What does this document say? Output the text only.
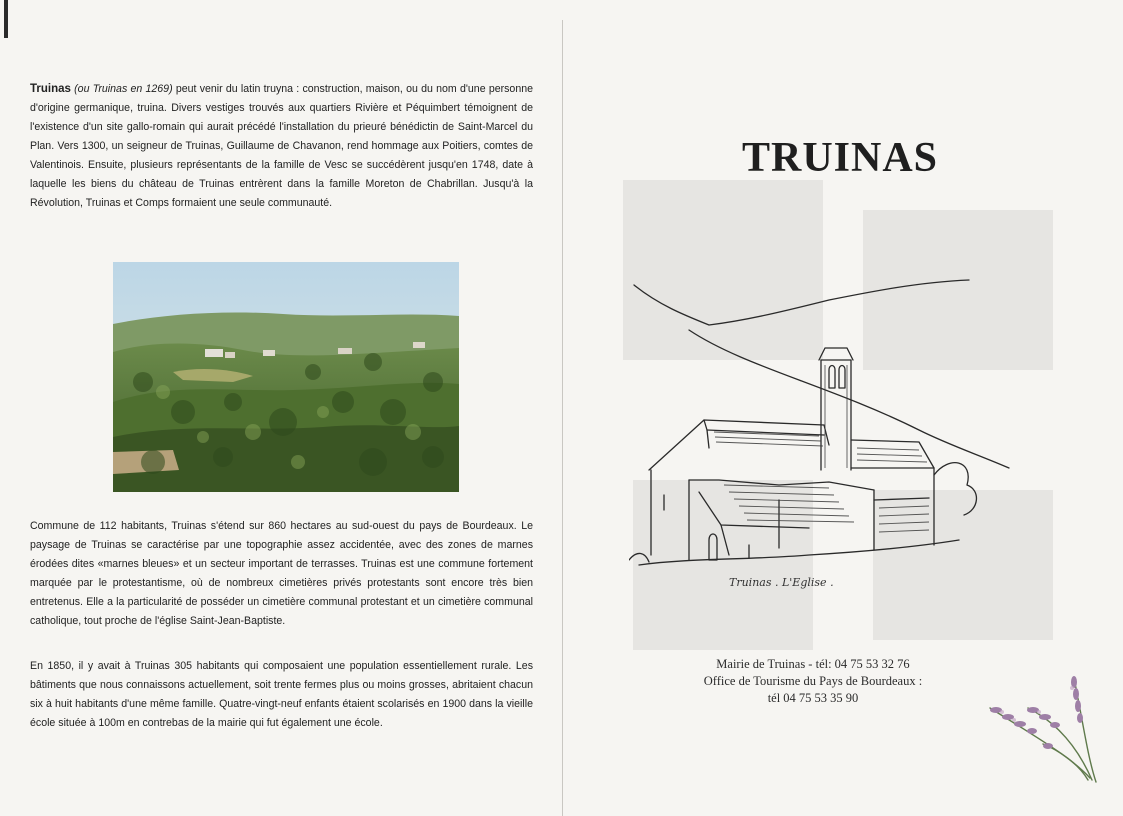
Truinas (ou Truinas en 1269) peut venir du latin truyna : construction, maison, ou du nom d'une personne d'origine germanique, truina. Divers vestiges trouvés aux quartiers Rivière et Péquimbert témoignent de l'existence d'un site gallo-romain qui aurait précédé l'installation du prieuré bénédictin de Saint-Marcel du Plan. Vers 1300, un seigneur de Truinas, Guillaume de Chavanon, rend hommage aux Poitiers, comtes de Valentinois. Ensuite, plusieurs représentants de la famille de Vesc se succédèrent jusqu'en 1748, date à laquelle les biens du château de Truinas entrèrent dans la famille Moreton de Chabrillan. Jusqu'à la Révolution, Truinas et Comps formaient une seule communauté.

Commune de 112 habitants, Truinas s'étend sur 860 hectares au sud-ouest du pays de Bourdeaux. Le paysage de Truinas se caractérise par une topographie assez accidentée, avec des zones de marnes érodées dites «marnes bleues» et un secteur important de terrasses. Truinas est une commune fortement marquée par le protestantisme, où de nombreux cimetières privés protestants sont encore très bien entretenus. Elle a la particularité de posséder un cimetière communal protestant et un cimetière communal catholique, tout proche de l'église Saint-Jean-Baptiste.

En 1850, il y avait à Truinas 305 habitants qui composaient une population essentiellement rurale. Les bâtiments que nous connaissons actuellement, soit trente fermes plus ou moins grosses, abritaient chacun six à huit habitants d'une même famille. Quatre-vingt-neuf enfants étaient scolarisés en 1900 dans la vieille école située à 100m en contrebas de la mairie qui fut également une école.

TRUINAS
Truinas . L'Eglise .
Mairie de Truinas - tél: 04 75 53 32 76
Office de Tourisme du Pays de Bourdeaux :
tél 04 75 53 35 90
